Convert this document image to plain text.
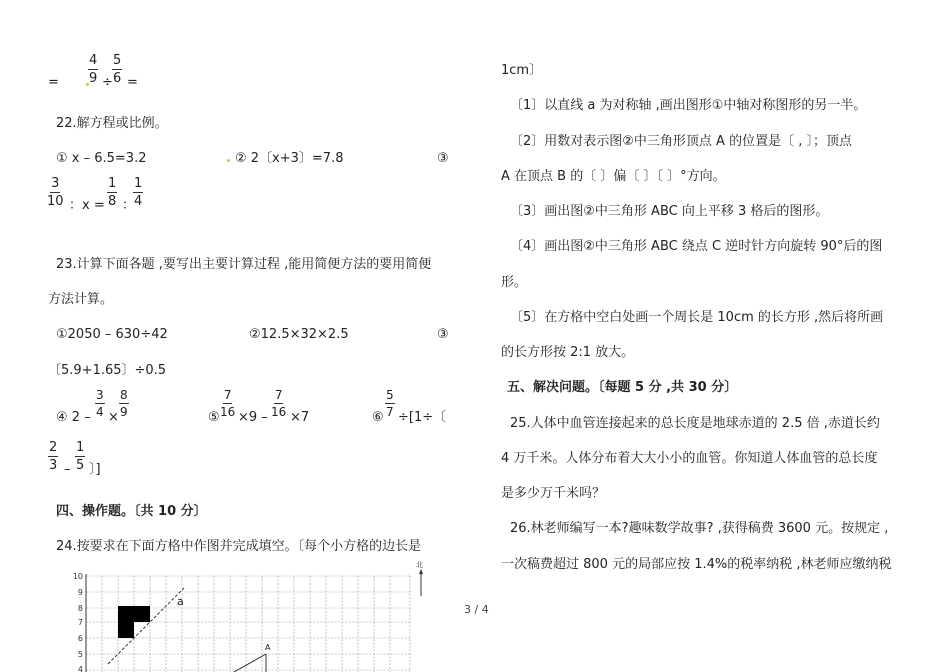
= $\frac{4}{9} \div \frac{5}{6}$ =
22.解方程或比例。
① x – 6.5=3.2	② 2〔x+3〕=7.8	③
$\frac{3}{10}$ ：$x = \frac{1}{8}$ ：
$\frac{1}{4}$
23.计算下面各题 ,要写出主要计算过程 ,能用简便方法的要用简便
方法计算。
①2050 – 630÷42	②12.5×32×2.5	③
〔5.9+1.65〕÷0.5
④ $2 - \frac{3}{4} \times \frac{8}{9}$	⑤ $\frac{7}{16} \times 9 - \frac{7}{16} \times 7$	⑥ $\frac{5}{7} \div[1\div$〔
$\frac{2}{3} - \frac{1}{5}$ 〕]
四、操作题。〔共 10 分〕
24.按要求在下面方格中作图并完成填空。〔每个小方格的边长是
10
9
8
7
6
5
4
a
A
北
3 / 4
1cm〕
〔1〕以直线 a 为对称轴 ,画出图形①中轴对称图形的另一半。
〔2〕用数对表示图②中三角形顶点 A 的位置是〔 , 〕；顶点
A 在顶点 B 的〔 〕偏〔 〕〔 〕°方向。
〔3〕画出图②中三角形 ABC 向上平移 3 格后的图形。
〔4〕画出图②中三角形 ABC 绕点 C 逆时针方向旋转 90°后的图
形。
〔5〕在方格中空白处画一个周长是 10cm 的长方形 ,然后将所画
的长方形按 2:1 放大。
五、解决问题。〔每题 5 分 ,共 30 分〕
25.人体中血管连接起来的总长度是地球赤道的 2.5 倍 ,赤道长约
4 万千米。人体分布着大大小小的血管。你知道人体血管的总长度
是多少万千米吗？
26.林老师编写一本?趣味数学故事? ,获得稿费 3600 元。按规定 ,
一次稿费超过 800 元的局部应按 1.4%的税率纳税 ,林老师应缴纳税
